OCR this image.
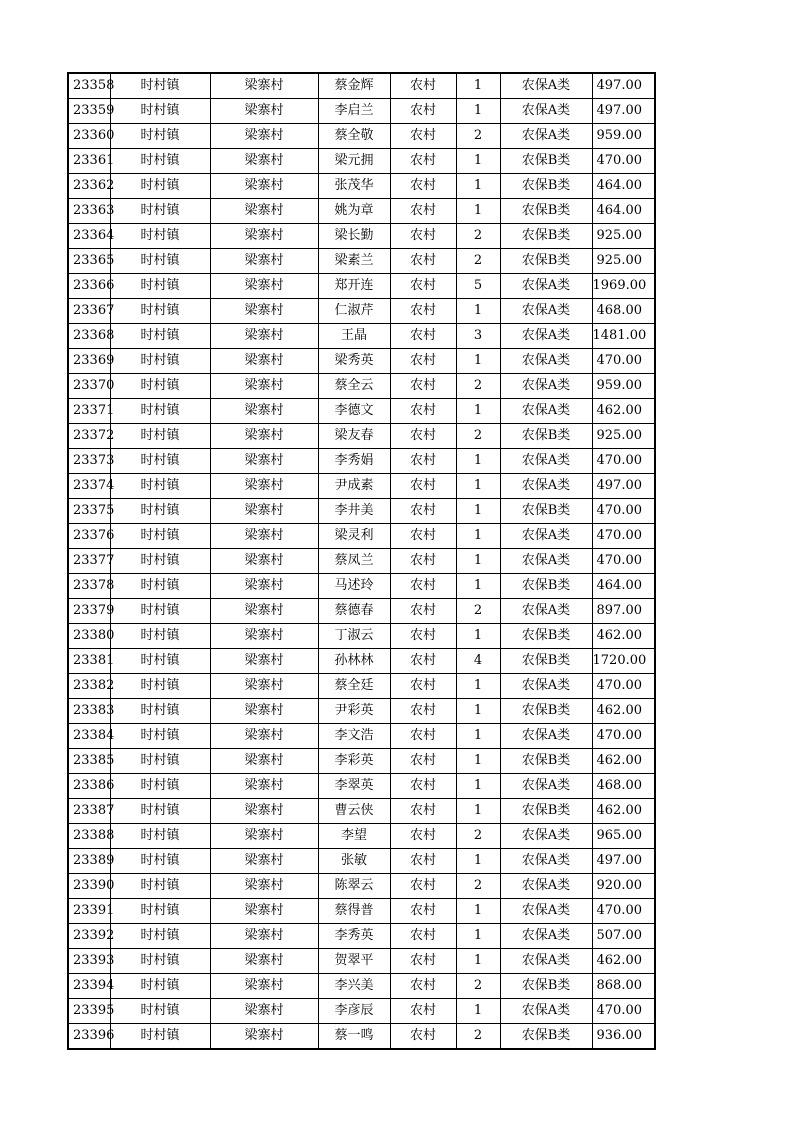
23358	时村镇	梁寨村	蔡金辉	农村	1	农保A类	497.00
23359	时村镇	梁寨村	李启兰	农村	1	农保A类	497.00
23360	时村镇	梁寨村	蔡全敬	农村	2	农保A类	959.00
23361	时村镇	梁寨村	梁元拥	农村	1	农保B类	470.00
23362	时村镇	梁寨村	张茂华	农村	1	农保B类	464.00
23363	时村镇	梁寨村	姚为章	农村	1	农保B类	464.00
23364	时村镇	梁寨村	梁长勤	农村	2	农保B类	925.00
23365	时村镇	梁寨村	梁素兰	农村	2	农保B类	925.00
23366	时村镇	梁寨村	郑开连	农村	5	农保A类	1969.00
23367	时村镇	梁寨村	仁淑芹	农村	1	农保A类	468.00
23368	时村镇	梁寨村	王晶	农村	3	农保A类	1481.00
23369	时村镇	梁寨村	梁秀英	农村	1	农保A类	470.00
23370	时村镇	梁寨村	蔡全云	农村	2	农保A类	959.00
23371	时村镇	梁寨村	李德文	农村	1	农保A类	462.00
23372	时村镇	梁寨村	梁友春	农村	2	农保B类	925.00
23373	时村镇	梁寨村	李秀娟	农村	1	农保A类	470.00
23374	时村镇	梁寨村	尹成素	农村	1	农保A类	497.00
23375	时村镇	梁寨村	李井美	农村	1	农保B类	470.00
23376	时村镇	梁寨村	梁灵利	农村	1	农保A类	470.00
23377	时村镇	梁寨村	蔡凤兰	农村	1	农保A类	470.00
23378	时村镇	梁寨村	马述玲	农村	1	农保B类	464.00
23379	时村镇	梁寨村	蔡德春	农村	2	农保A类	897.00
23380	时村镇	梁寨村	丁淑云	农村	1	农保B类	462.00
23381	时村镇	梁寨村	孙林林	农村	4	农保B类	1720.00
23382	时村镇	梁寨村	蔡全廷	农村	1	农保A类	470.00
23383	时村镇	梁寨村	尹彩英	农村	1	农保B类	462.00
23384	时村镇	梁寨村	李文浩	农村	1	农保A类	470.00
23385	时村镇	梁寨村	李彩英	农村	1	农保B类	462.00
23386	时村镇	梁寨村	李翠英	农村	1	农保A类	468.00
23387	时村镇	梁寨村	曹云侠	农村	1	农保B类	462.00
23388	时村镇	梁寨村	李望	农村	2	农保A类	965.00
23389	时村镇	梁寨村	张敏	农村	1	农保A类	497.00
23390	时村镇	梁寨村	陈翠云	农村	2	农保A类	920.00
23391	时村镇	梁寨村	蔡得普	农村	1	农保A类	470.00
23392	时村镇	梁寨村	李秀英	农村	1	农保A类	507.00
23393	时村镇	梁寨村	贺翠平	农村	1	农保A类	462.00
23394	时村镇	梁寨村	李兴美	农村	2	农保B类	868.00
23395	时村镇	梁寨村	李彦辰	农村	1	农保A类	470.00
23396	时村镇	梁寨村	蔡一鸣	农村	2	农保B类	936.00
